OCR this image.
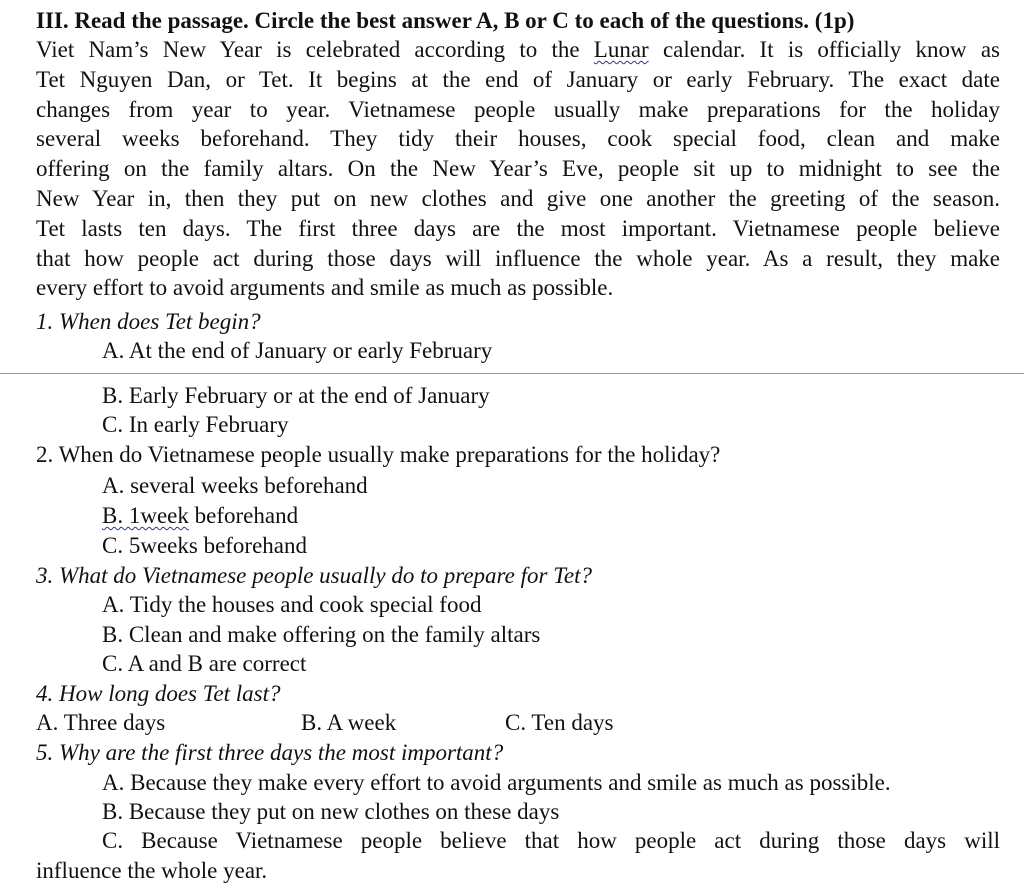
III. Read the passage. Circle the best answer A, B or C to each of the questions. (1p)
Viet Nam’s New Year is celebrated according to the Lunar calendar. It is officially know as
Tet Nguyen Dan, or Tet. It begins at the end of January or early February. The exact date
changes from year to year. Vietnamese people usually make preparations for the holiday
several weeks beforehand. They tidy their houses, cook special food, clean and make
offering on the family altars. On the New Year’s Eve, people sit up to midnight to see the
New Year in, then they put on new clothes and give one another the greeting of the season.
Tet lasts ten days. The first three days are the most important. Vietnamese people believe
that how people act during those days will influence the whole year. As a result, they make
every effort to avoid arguments and smile as much as possible.
1. When does Tet begin?
A. At the end of January or early February
B. Early February or at the end of January
C. In early February
2. When do Vietnamese people usually make preparations for the holiday?
A. several weeks beforehand
B. 1week beforehand
C. 5weeks beforehand
3. What do Vietnamese people usually do to prepare for Tet?
A. Tidy the houses and cook special food
B. Clean and make offering on the family altars
C. A and B are correct
4. How long does Tet last?
A. Three days	B. A week	C. Ten days
5. Why are the first three days the most important?
A. Because they make every effort to avoid arguments and smile as much as possible.
B. Because they put on new clothes on these days
C. Because Vietnamese people believe that how people act during those days will
influence the whole year.
